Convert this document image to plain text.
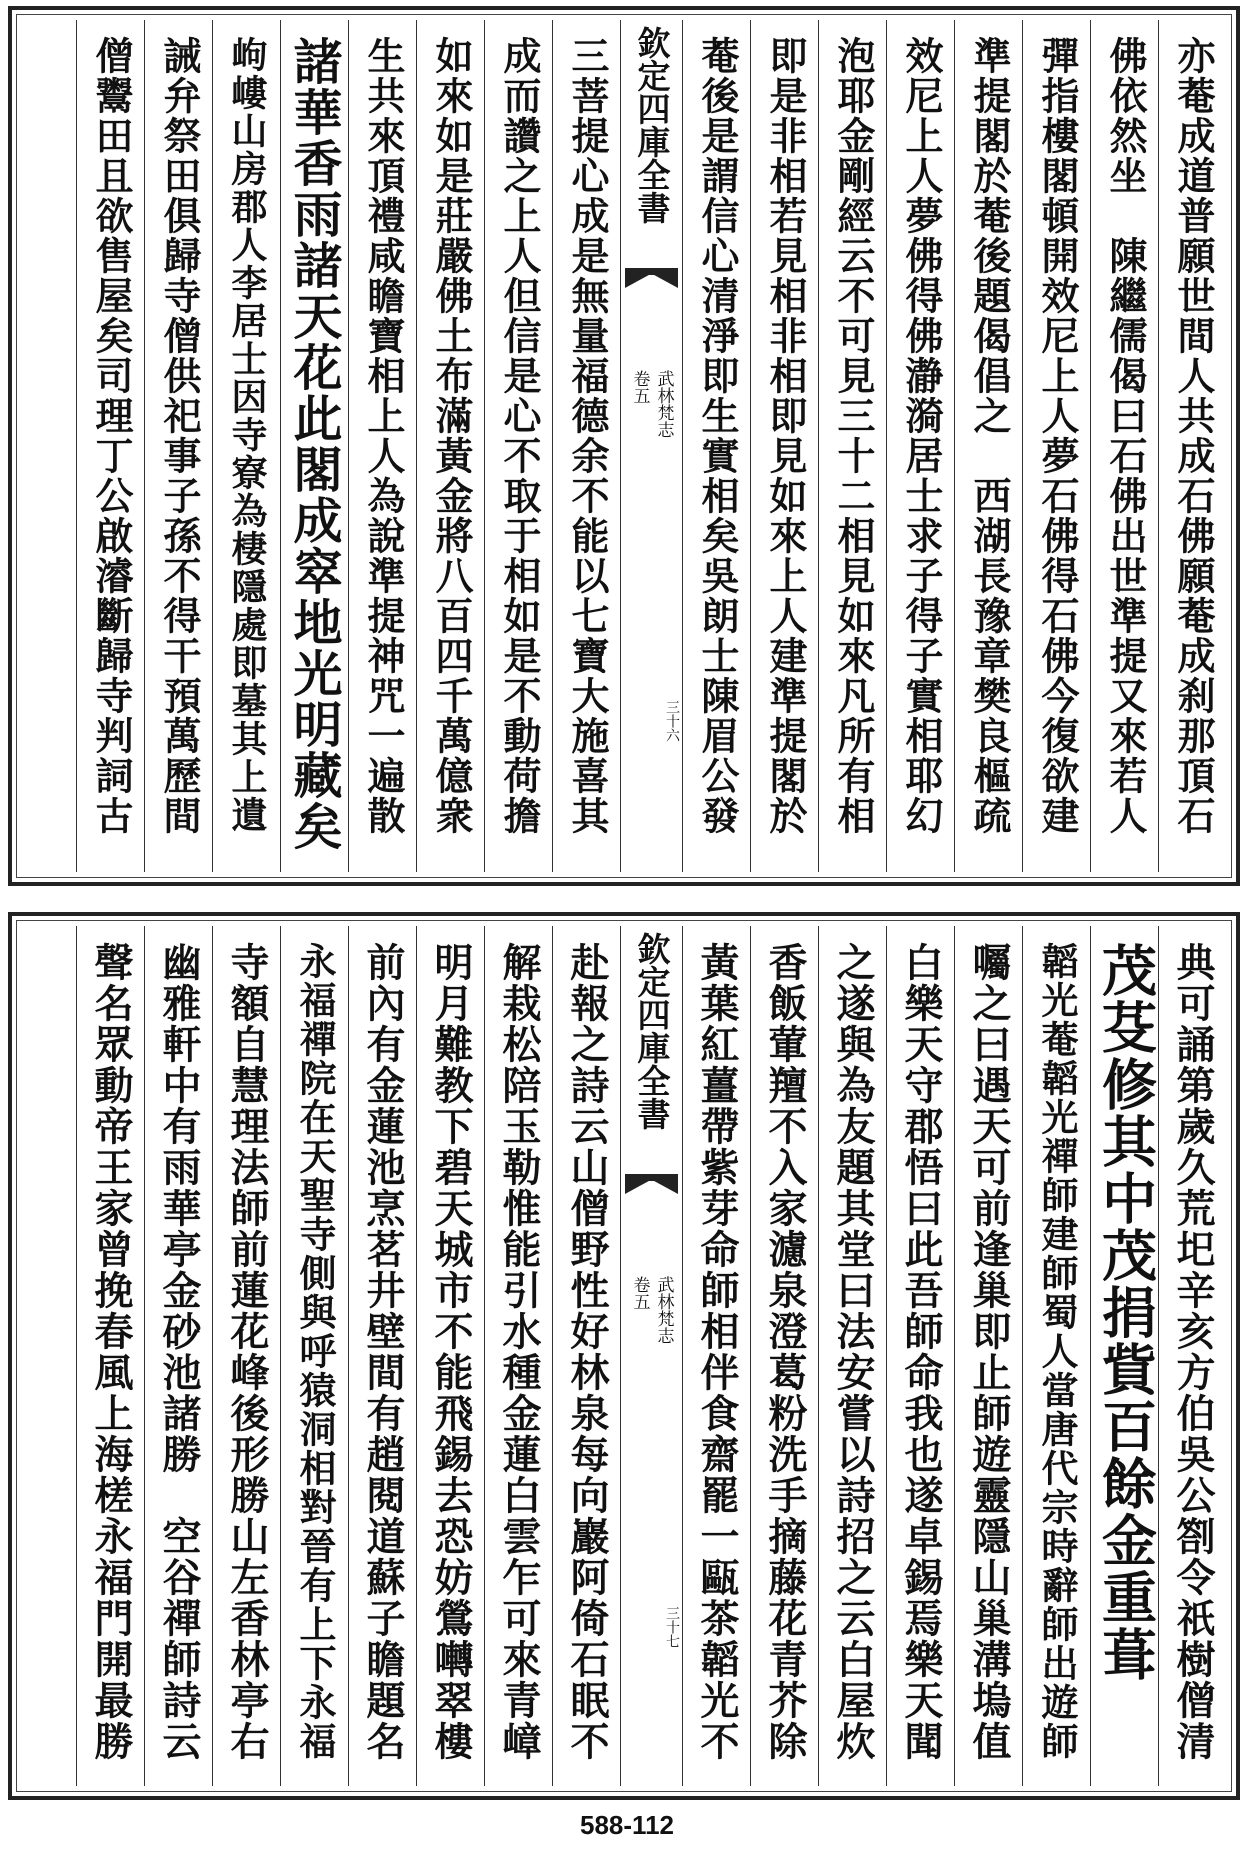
亦菴成道普願世間人共成石佛願菴成刹那頂石
佛依然坐　陳繼儒偈曰石佛出世準提又來若人
彈指樓閣頓開效尼上人夢石佛得石佛今復欲建
準提閣於菴後題偈倡之　西湖長豫章樊良樞疏
效尼上人夢佛得佛瀞漪居士求子得子實相耶幻
泡耶金剛經云不可見三十二相見如來凡所有相
即是非相若見相非相即見如來上人建準提閣於
菴後是謂信心清淨即生實相矣吳朗士陳眉公發
欽定四庫全書
武林梵志
卷五
三十六
三菩提心成是無量福德余不能以七寶大施喜其
成而讚之上人但信是心不取于相如是不動荷擔
如來如是莊嚴佛土布滿黃金將八百四千萬億衆
生共來頂禮咸瞻寶相上人為說準提神咒一遍散
諸華香雨諸天花此閣成窣地光明藏矣
岣嶁山房郡人李居士因寺寮為棲隱處即墓其上遺
誡弁祭田俱歸寺僧供祀事子孫不得干預萬歷間
僧鬻田且欲售屋矣司理丁公啟濬斷歸寺判詞古
典可誦第歲久荒圯辛亥方伯吳公劄令祇樹僧清
茂芟修其中茂捐貲百餘金重葺
韜光菴韜光禪師建師蜀人當唐代宗時辭師出遊師
囑之曰遇天可前逢巢即止師遊靈隱山巢溝塢值
白樂天守郡悟曰此吾師命我也遂卓錫焉樂天聞
之遂與為友題其堂曰法安嘗以詩招之云白屋炊
香飯葷羶不入家濾泉澄葛粉洗手摘藤花青芥除
黃葉紅薑帶紫芽命師相伴食齋罷一甌茶韜光不
欽定四庫全書
武林梵志
卷五
三十七
赴報之詩云山僧野性好林泉每向巖阿倚石眠不
解栽松陪玉勒惟能引水種金蓮白雲乍可來青嶂
明月難教下碧天城市不能飛錫去恐妨鶯囀翠樓
前內有金蓮池烹茗井壁間有趙閱道蘇子瞻題名
永福禪院在天聖寺側與呼猿洞相對晉有上下永福
寺額自慧理法師前蓮花峰後形勝山左香林亭右
幽雅軒中有雨華亭金砂池諸勝　空谷禪師詩云
聲名眾動帝王家曾挽春風上海槎永福門開最勝
588-112
